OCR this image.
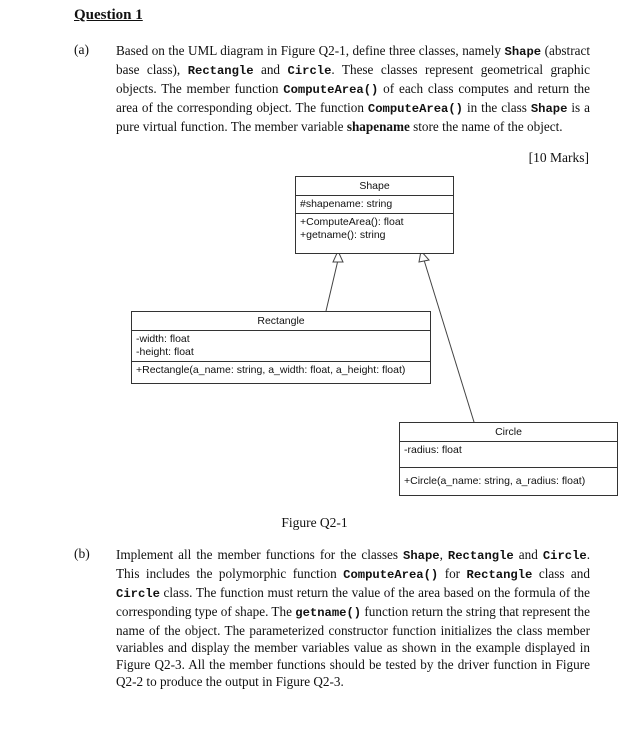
Question 1
(a) Based on the UML diagram in Figure Q2-1, define three classes, namely Shape (abstract base class), Rectangle and Circle. These classes represent geometrical graphic objects. The member function ComputeArea() of each class computes and return the area of the corresponding object. The function ComputeArea() in the class Shape is a pure virtual function. The member variable shapename store the name of the object.
[10 Marks]
Shape
#shapename: string
+ComputeArea(): float
+getname(): string
Rectangle
-width: float
-height: float
+Rectangle(a_name: string, a_width: float, a_height: float)
Circle
-radius: float
+Circle(a_name: string, a_radius: float)
Figure Q2-1
(b) Implement all the member functions for the classes Shape, Rectangle and Circle. This includes the polymorphic function ComputeArea() for Rectangle class and Circle class. The function must return the value of the area based on the formula of the corresponding type of shape. The getname() function return the string that represent the name of the object. The parameterized constructor function initializes the class member variables and display the member variables value as shown in the example displayed in Figure Q2-3. All the member functions should be tested by the driver function in Figure Q2-2 to produce the output in Figure Q2-3.
